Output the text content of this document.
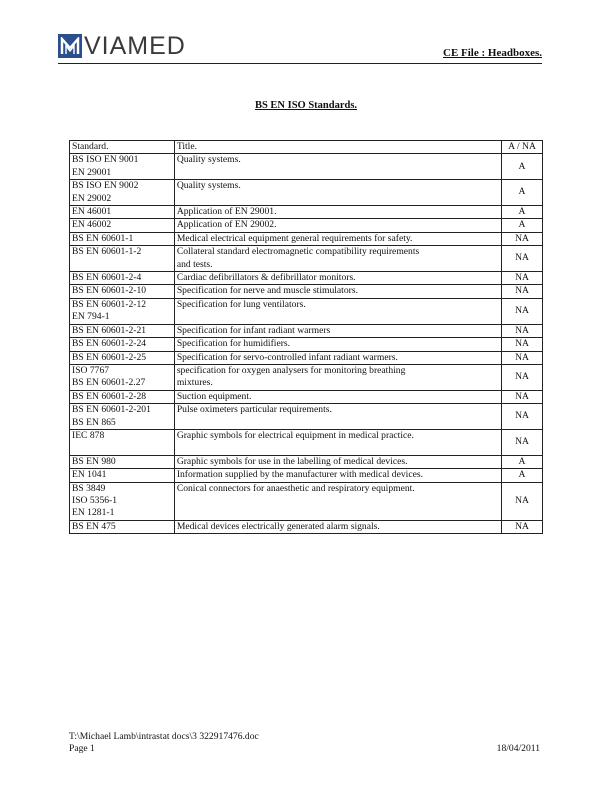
VIAMED	CE File : Headboxes.
BS EN ISO Standards.
Standard.	Title.	A / NA

BS ISO EN 9001
EN 29001	Quality systems.	A

BS ISO EN 9002
EN 29002	Quality systems.	A

EN 46001	Application of EN 29001.	A

EN 46002	Application of EN 29002.	A

BS EN 60601-1	Medical electrical equipment general requirements for safety.	NA

BS EN 60601-1-2	Collateral standard electromagnetic compatibility requirements
and tests.	NA

BS EN 60601-2-4	Cardiac defibrillators & defibrillator monitors.	NA

BS EN 60601-2-10	Specification for nerve and muscle stimulators.	NA

BS EN 60601-2-12
EN 794-1	Specification for lung ventilators.	NA

BS EN 60601-2-21	Specification for infant radiant warmers	NA

BS EN 60601-2-24	Specification for humidifiers.	NA

BS EN 60601-2-25	Specification for servo-controlled infant radiant warmers.	NA

ISO 7767
BS EN 60601-2.27	specification for oxygen analysers for monitoring breathing
mixtures.	NA

BS EN 60601-2-28	Suction equipment.	NA

BS EN 60601-2-201
BS EN 865	Pulse oximeters particular requirements.	NA

IEC 878	Graphic symbols for electrical equipment in medical practice.	NA

BS EN 980	Graphic symbols for use in the labelling of medical devices.	A

EN 1041	Information supplied by the manufacturer with medical devices.	A

BS 3849
ISO 5356-1
EN 1281-1	Conical connectors for anaesthetic and respiratory equipment.	NA

BS EN 475	Medical devices electrically generated alarm signals.	NA
T:\Michael Lamb\intrastat docs\3 322917476.doc
Page 1	18/04/2011
